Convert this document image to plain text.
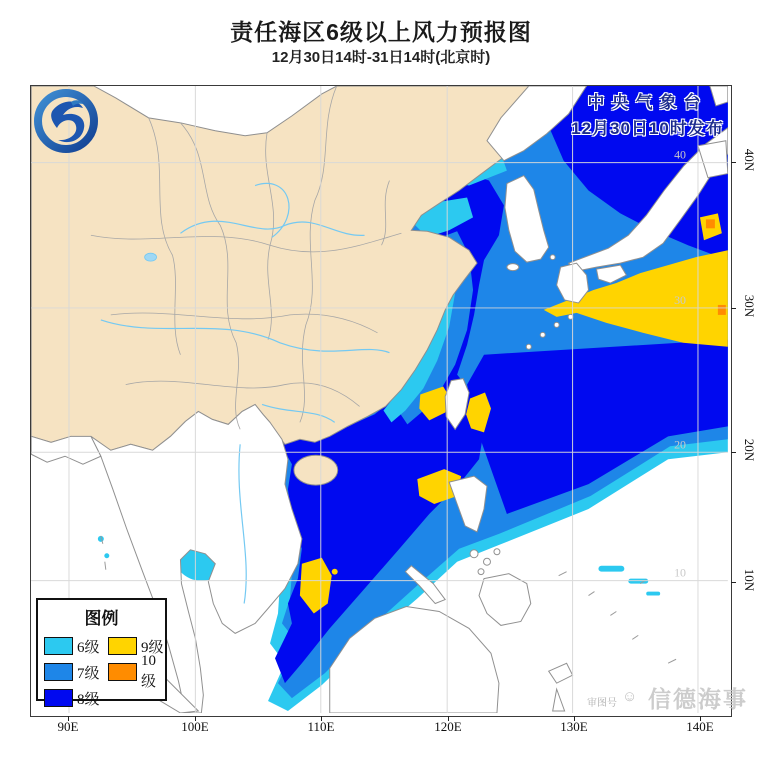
责任海区6级以上风力预报图
12月30日14时-31日14时(北京时)
40
30
20
10
中央气象台
12月30日10时发布
图例
6级	9级
7级
10级
8级
90E	100E	110E	120E	130E	140E
40N
30N
20N
10N
审图号 ☺ 信德海事
